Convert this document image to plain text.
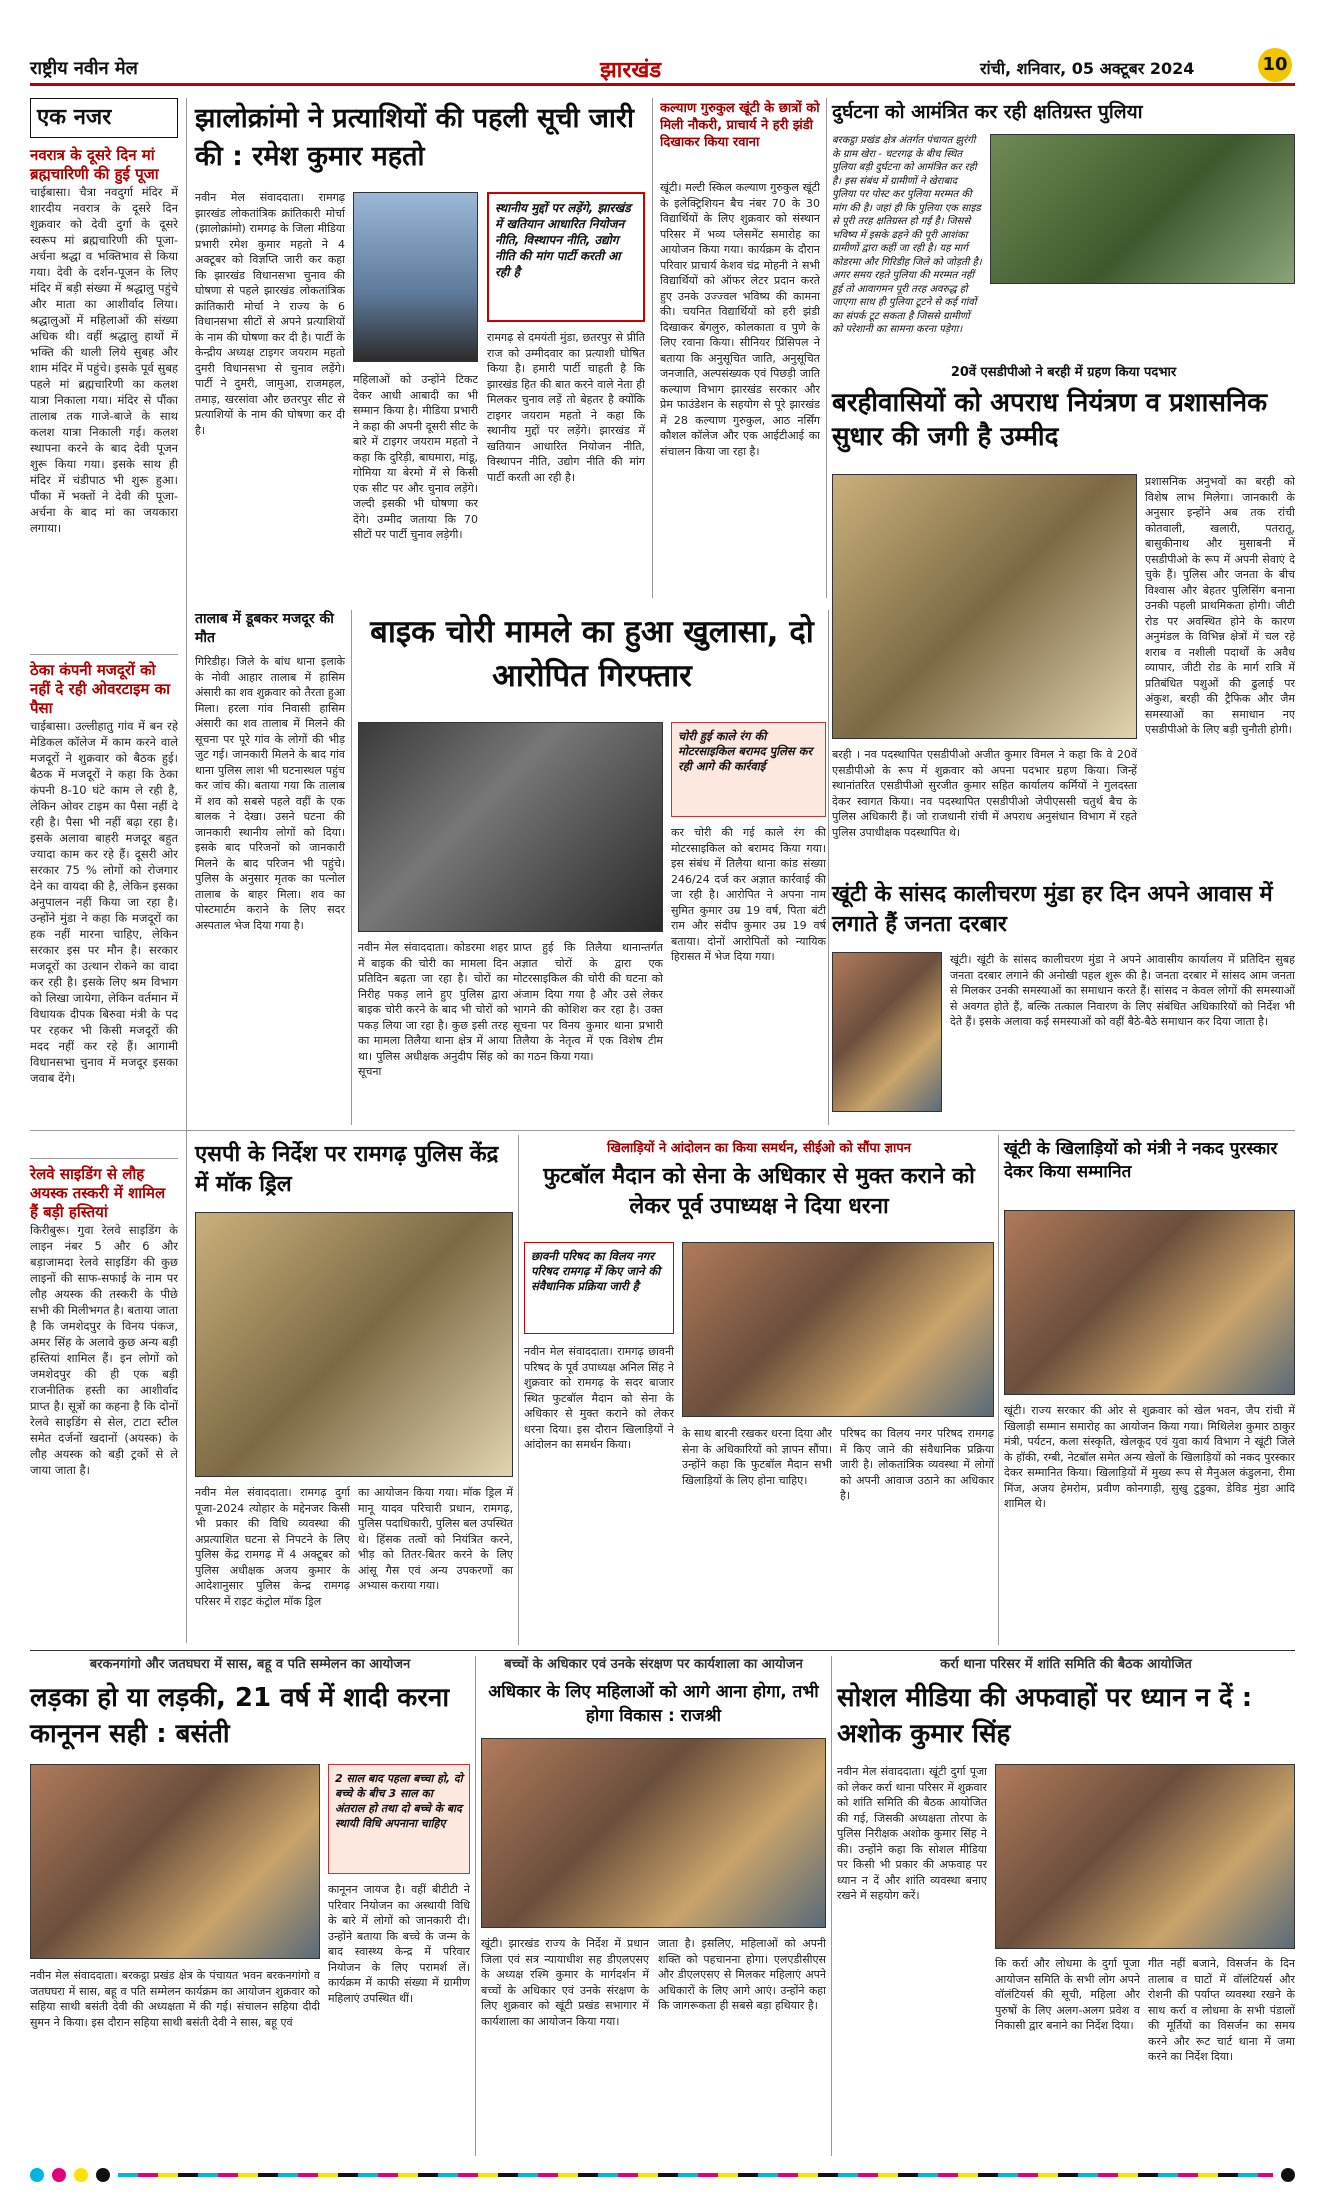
राष्ट्रीय नवीन मेल	झारखंड	रांची, शनिवार, 05 अक्टूबर 2024	10
एक नजर
नवरात्र के दूसरे दिन मां ब्रह्मचारिणी की हुई पूजा
चाईबासा। चैत्रा नवदुर्गा मंदिर में शारदीय नवरात्र के दूसरे दिन शुक्रवार को देवी दुर्गा के दूसरे स्वरूप मां ब्रह्मचारिणी की पूजा-अर्चना श्रद्धा व भक्तिभाव से किया गया। देवी के दर्शन-पूजन के लिए मंदिर में बड़ी संख्या में श्रद्धालु पहुंचे और माता का आशीर्वाद लिया। श्रद्धालुओं में महिलाओं की संख्या अधिक थी। वहीं श्रद्धालु हाथों में भक्ति की थाली लिये सुबह और शाम मंदिर में पहुंचे। इसके पूर्व सुबह पहले मां ब्रह्मचारिणी का कलश यात्रा निकाला गया। मंदिर से पौंका तालाब तक गाजे-बाजे के साथ कलश यात्रा निकाली गई। कलश स्थापना करने के बाद देवी पूजन शुरू किया गया। इसके साथ ही मंदिर में चंडीपाठ भी शुरू हुआ। पौंका में भक्तों ने देवी की पूजा-अर्चना के बाद मां का जयकारा लगाया।
ठेका कंपनी मजदूरों को नहीं दे रही ओवरटाइम का पैसा
चाईबासा। उल्लीहातु गांव में बन रहे मेडिकल कॉलेज में काम करने वाले मजदूरों ने शुक्रवार को बैठक हुई। बैठक में मजदूरों ने कहा कि ठेका कंपनी 8-10 घंटे काम ले रही है, लेकिन ओवर टाइम का पैसा नहीं दे रही है। पैसा भी नहीं बढ़ा रहा है। इसके अलावा बाहरी मजदूर बहुत ज्यादा काम कर रहे हैं। दूसरी ओर सरकार 75 % लोगों को रोजगार देने का वायदा की है, लेकिन इसका अनुपालन नहीं किया जा रहा है। उन्होंने मुंडा ने कहा कि मजदूरों का हक नहीं मारना चाहिए, लेकिन सरकार इस पर मौन है। सरकार मजदूरों का उत्थान रोकने का वादा कर रही है। इसके लिए श्रम विभाग को लिखा जायेगा, लेकिन वर्तमान में विधायक दीपक बिरुवा मंत्री के पद पर रहकर भी किसी मजदूरों की मदद नहीं कर रहे हैं। आगामी विधानसभा चुनाव में मजदूर इसका जवाब देंगे।
रेलवे साइडिंग से लौह अयस्क तस्करी में शामिल हैं बड़ी हस्तियां
किरीबुरू। गुवा रेलवे साइडिंग के लाइन नंबर 5 और 6 और बड़ाजामदा रेलवे साइडिंग की कुछ लाइनों की साफ-सफाई के नाम पर लौह अयस्क की तस्करी के पीछे सभी की मिलीभगत है। बताया जाता है कि जमशेदपुर के विनय पंकज, अमर सिंह के अलावे कुछ अन्य बड़ी हस्तियां शामिल हैं। इन लोगों को जमशेदपुर की ही एक बड़ी राजनीतिक हस्ती का आशीर्वाद प्राप्त है। सूत्रों का कहना है कि दोनों रेलवे साइडिंग से सेल, टाटा स्टील समेत दर्जनों खदानों (अयस्क) के लौह अयस्क को बड़ी ट्रकों से ले जाया जाता है।
झालोक्रांमो ने प्रत्याशियों की पहली सूची जारी की : रमेश कुमार महतो
नवीन मेल संवाददाता। रामगढ़ झारखंड लोकतांत्रिक क्रांतिकारी मोर्चा (झालोक्रांमो) रामगढ़ के जिला मीडिया प्रभारी रमेश कुमार महतो ने 4 अक्टूबर को विज्ञप्ति जारी कर कहा कि झारखंड विधानसभा चुनाव की घोषणा से पहले झारखंड लोकतांत्रिक क्रांतिकारी मोर्चा ने राज्य के 6 विधानसभा सीटों से अपने प्रत्याशियों के नाम की घोषणा कर दी है। पार्टी के केन्द्रीय अध्यक्ष टाइगर जयराम महतो दुमरी विधानसभा से चुनाव लड़ेंगे। पार्टी ने दुमरी, जामुआ, राजमहल, तमाड़, खरसांवा और छतरपुर सीट से प्रत्याशियों के नाम की घोषणा कर दी है।
महिलाओं को उन्होंने टिकट देकर आधी आबादी का भी सम्मान किया है। मीडिया प्रभारी ने कहा की अपनी दूसरी सीट के बारे में टाइगर जयराम महतो ने कहा कि दुरिड़ी, बाघमारा, मांडू, गोमिया या बेरमो में से किसी एक सीट पर और चुनाव लड़ेंगे। जल्दी इसकी भी घोषणा कर देंगे। उम्मीद जताया कि 70 सीटों पर पार्टी चुनाव लड़ेगी।
स्थानीय मुद्दों पर लड़ेंगे, झारखंड में खतियान आधारित नियोजन नीति, विस्थापन नीति, उद्योग नीति की मांग पार्टी करती आ रही है
रामगढ़ से दमयंती मुंडा, छतरपुर से प्रीति राज को उम्मीदवार का प्रत्याशी घोषित किया है। हमारी पार्टी चाहती है कि झारखंड हित की बात करने वाले नेता ही मिलकर चुनाव लड़ें तो बेहतर है क्योंकि टाइगर जयराम महतो ने कहा कि स्थानीय मुद्दों पर लड़ेंगे। झारखंड में खतियान आधारित नियोजन नीति, विस्थापन नीति, उद्योग नीति की मांग पार्टी करती आ रही है।
कल्याण गुरुकुल खूंटी के छात्रों को मिली नौकरी, प्राचार्य ने हरी झंडी दिखाकर किया रवाना
खूंटी। मल्टी स्किल कल्याण गुरुकुल खूंटी के इलेक्ट्रिशियन बैच नंबर 70 के 30 विद्यार्थियों के लिए शुक्रवार को संस्थान परिसर में भव्य प्लेसमेंट समारोह का आयोजन किया गया। कार्यक्रम के दौरान परिवार प्राचार्य केशव चंद्र मोहनी ने सभी विद्यार्थियों को ऑफर लेटर प्रदान करते हुए उनके उज्ज्वल भविष्य की कामना की। चयनित विद्यार्थियों को हरी झंडी दिखाकर बेंगलुरु, कोलकाता व पुणे के लिए रवाना किया। सीनियर प्रिंसिपल ने बताया कि अनुसूचित जाति, अनुसूचित जनजाति, अल्पसंख्यक एवं पिछड़ी जाति कल्याण विभाग झारखंड सरकार और प्रेम फाउंडेशन के सहयोग से पूरे झारखंड में 28 कल्याण गुरुकुल, आठ नर्सिंग कौशल कॉलेज और एक आईटीआई का संचालन किया जा रहा है।
दुर्घटना को आमंत्रित कर रही क्षतिग्रस्त पुलिया
बरकट्ठा प्रखंड क्षेत्र अंतर्गत पंचायत झुरंगी के ग्राम खेरा - चटरगढ़ के बीच स्थित पुलिया बड़ी दुर्घटना को आमंत्रित कर रही है। इस संबंध में ग्रामीणों ने खेराबाद पुलिया पर पोस्ट कर पुलिया मरम्मत की मांग की है। जहां ही कि पुलिया एक साइड से पूरी तरह क्षतिग्रस्त हो गई है। जिससे भविष्य में इसके ढहने की पूरी आशंका ग्रामीणों द्वारा कहीं जा रही है। यह मार्ग कोडरमा और गिरिडीह जिले को जोड़ती है। अगर समय रहते पुलिया की मरम्मत नहीं हुई तो आवागमन पूरी तरह अवरुद्ध हो जाएगा साथ ही पुलिया टूटने से कई गांवों का संपर्क टूट सकता है जिससे ग्रामीणों को परेशानी का सामना करना पड़ेगा।
20वें एसडीपीओ ने बरही में ग्रहण किया पदभार
बरहीवासियों को अपराध नियंत्रण व प्रशासनिक सुधार की जगी है उम्मीद
प्रशासनिक अनुभवों का बरही को विशेष लाभ मिलेगा। जानकारी के अनुसार इन्होंने अब तक रांची कोतवाली, खलारी, पतरातू, बासुकीनाथ और मुसाबनी में एसडीपीओ के रूप में अपनी सेवाएं दे चुके हैं। पुलिस और जनता के बीच विश्वास और बेहतर पुलिसिंग बनाना उनकी पहली प्राथमिकता होगी। जीटी रोड पर अवस्थित होने के कारण अनुमंडल के विभिन्न क्षेत्रों में चल रहे शराब व नशीली पदार्थों के अवैध व्यापार, जीटी रोड के मार्ग रात्रि में प्रतिबंधित पशुओं की ढुलाई पर अंकुश, बरही की ट्रैफिक और जैम समस्याओं का समाधान नए एसडीपीओ के लिए बड़ी चुनौती होगी।
बरही । नव पदस्थापित एसडीपीओ अजीत कुमार विमल ने कहा कि वे 20वें एसडीपीओ के रूप में शुक्रवार को अपना पदभार ग्रहण किया। जिन्हें स्थानांतरित एसडीपीओ सुरजीत कुमार सहित कार्यालय कर्मियों ने गुलदस्ता देकर स्वागत किया। नव पदस्थापित एसडीपीओ जेपीएससी चतुर्थ बैच के पुलिस अधिकारी हैं। जो राजधानी रांची में अपराध अनुसंधान विभाग में रहते पुलिस उपाधीक्षक पदस्थापित थे।
तालाब में डूबकर मजदूर की मौत
गिरिडीह। जिले के बांध थाना इलाके के नोवी आहार तालाब में हासिम अंसारी का शव शुक्रवार को तैरता हुआ मिला। हरला गांव निवासी हासिम अंसारी का शव तालाब में मिलने की सूचना पर पूरे गांव के लोगों की भीड़ जुट गई। जानकारी मिलने के बाद गांव थाना पुलिस लाश भी घटनास्थल पहुंच कर जांच की। बताया गया कि तालाब में शव को सबसे पहले वहीं के एक बालक ने देखा। उसने घटना की जानकारी स्थानीय लोगों को दिया। इसके बाद परिजनों को जानकारी मिलने के बाद परिजन भी पहुंचे। पुलिस के अनुसार मृतक का पत्नोल तालाब के बाहर मिला। शव का पोस्टमार्टम कराने के लिए सदर अस्पताल भेज दिया गया है।
बाइक चोरी मामले का हुआ खुलासा, दो आरोपित गिरफ्तार
चोरी हुई काले रंग की मोटरसाइकिल बरामद पुलिस कर रही आगे की कार्रवाई
कर चोरी की गई काले रंग की मोटरसाइकिल को बरामद किया गया। इस संबंध में तिलैया थाना कांड संख्या 246/24 दर्ज कर अज्ञात कार्रवाई की जा रही है। आरोपित ने अपना नाम सुमित कुमार उम्र 19 वर्ष, पिता बंटी राम और संदीप कुमार उम्र 19 वर्ष बताया। दोनों आरोपितों को न्यायिक हिरासत में भेज दिया गया।
नवीन मेल संवाददाता। कोडरमा शहर में बाइक की चोरी का मामला दिन प्रतिदिन बढ़ता जा रहा है। चोरों का निरीह पकड़ लाने हुए पुलिस द्वारा बाइक चोरी करने के बाद भी चोरों को पकड़ लिया जा रहा है। कुछ इसी तरह का मामला तिलैया थाना क्षेत्र में आया था। पुलिस अधीक्षक अनुदीप सिंह को सूचना
प्राप्त हुई कि तिलैया थानान्तर्गत अज्ञात चोरों के द्वारा एक मोटरसाइकिल की चोरी की घटना को अंजाम दिया गया है और उसे लेकर भागने की कोशिश कर रहा है। उक्त सूचना पर विनय कुमार थाना प्रभारी तिलैया के नेतृत्व में एक विशेष टीम का गठन किया गया।
खूंटी के सांसद कालीचरण मुंडा हर दिन अपने आवास में लगाते हैं जनता दरबार
खूंटी। खूंटी के सांसद कालीचरण मुंडा ने अपने आवासीय कार्यालय में प्रतिदिन सुबह जनता दरबार लगाने की अनोखी पहल शुरू की है। जनता दरबार में सांसद आम जनता से मिलकर उनकी समस्याओं का समाधान करते हैं। सांसद न केवल लोगों की समस्याओं से अवगत होते हैं, बल्कि तत्काल निवारण के लिए संबंधित अधिकारियों को निर्देश भी देते हैं। इसके अलावा कई समस्याओं को वहीं बैठे-बैठे समाधान कर दिया जाता है।
एसपी के निर्देश पर रामगढ़ पुलिस केंद्र में मॉक ड्रिल
नवीन मेल संवाददाता। रामगढ़ दुर्गा पूजा-2024 त्योहार के मद्देनजर किसी भी प्रकार की विधि व्यवस्था की अप्रत्याशित घटना से निपटने के लिए पुलिस केंद्र रामगढ़ में 4 अक्टूबर को पुलिस अधीक्षक अजय कुमार के आदेशानुसार पुलिस केन्द्र रामगढ़ परिसर में राइट कंट्रोल मॉक ड्रिल
का आयोजन किया गया। मॉक ड्रिल में मानू यादव परिचारी प्रधान, रामगढ़, पुलिस पदाधिकारी, पुलिस बल उपस्थित थे। हिंसक तत्वों को नियंत्रित करने, भीड़ को तितर-बितर करने के लिए आंसू गैस एवं अन्य उपकरणों का अभ्यास कराया गया।
खिलाड़ियों ने आंदोलन का किया समर्थन, सीईओ को सौंपा ज्ञापन
फुटबॉल मैदान को सेना के अधिकार से मुक्त कराने को लेकर पूर्व उपाध्यक्ष ने दिया धरना
छावनी परिषद का विलय नगर परिषद रामगढ़ में किए जाने की संवैधानिक प्रक्रिया जारी है
नवीन मेल संवाददाता। रामगढ़ छावनी परिषद के पूर्व उपाध्यक्ष अनिल सिंह ने शुक्रवार को रामगढ़ के सदर बाजार स्थित फुटबॉल मैदान को सेना के अधिकार से मुक्त कराने को लेकर धरना दिया। इस दौरान खिलाड़ियों ने आंदोलन का समर्थन किया।
के साथ बारनी रखकर धरना दिया और सेना के अधिकारियों को ज्ञापन सौंपा। उन्होंने कहा कि फुटबॉल मैदान सभी खिलाड़ियों के लिए होना चाहिए।
परिषद का विलय नगर परिषद रामगढ़ में किए जाने की संवैधानिक प्रक्रिया जारी है। लोकतांत्रिक व्यवस्था में लोगों को अपनी आवाज उठाने का अधिकार है।
खूंटी के खिलाड़ियों को मंत्री ने नकद पुरस्कार देकर किया सम्मानित
खूंटी। राज्य सरकार की ओर से शुक्रवार को खेल भवन, जैप रांची में खिलाड़ी सम्मान समारोह का आयोजन किया गया। मिथिलेश कुमार ठाकुर मंत्री, पर्यटन, कला संस्कृति, खेलकूद एवं युवा कार्य विभाग ने खूंटी जिले के हॉकी, रग्बी, नेटबॉल समेत अन्य खेलों के खिलाड़ियों को नकद पुरस्कार देकर सम्मानित किया। खिलाड़ियों में मुख्य रूप से मैनुअल कंडुलना, रीमा मिंज, अजय हेमरोम, प्रवीण कोनगाड़ी, सुखु टुडुका, डेविड मुंडा आदि शामिल थे।
बरकनगांगो और जतघघरा में सास, बहू व पति सम्मेलन का आयोजन
लड़का हो या लड़की, 21 वर्ष में शादी करना कानूनन सही : बसंती
2 साल बाद पहला बच्चा हो, दो बच्चे के बीच 3 साल का अंतराल हो तथा दो बच्चे के बाद स्थायी विधि अपनाना चाहिए
नवीन मेल संवाददाता। बरकट्ठा प्रखंड क्षेत्र के पंचायत भवन बरकनगांगो व जतघघरा में सास, बहू व पति सम्मेलन कार्यक्रम का आयोजन शुक्रवार को सहिया साथी बसंती देवी की अध्यक्षता में की गई। संचालन सहिया दीदी सुमन ने किया। इस दौरान सहिया साथी बसंती देवी ने सास, बहू एवं
कानूनन जायज है। वहीं बीटीटी ने परिवार नियोजन का अस्थायी विधि के बारे में लोगों को जानकारी दी। उन्होंने बताया कि बच्चे के जन्म के बाद स्वास्थ्य केन्द्र में परिवार नियोजन के लिए परामर्श लें। कार्यक्रम में काफी संख्या में ग्रामीण महिलाएं उपस्थित थीं।
बच्चों के अधिकार एवं उनके संरक्षण पर कार्यशाला का आयोजन
अधिकार के लिए महिलाओं को आगे आना होगा, तभी होगा विकास : राजश्री
खूंटी। झारखंड राज्य के निर्देश में प्रधान जिला एवं सत्र न्यायाधीश सह डीएलएसए के अध्यक्ष रश्मि कुमार के मार्गदर्शन में बच्चों के अधिकार एवं उनके संरक्षण के लिए शुक्रवार को खूंटी प्रखंड सभागार में कार्यशाला का आयोजन किया गया।
जाता है। इसलिए, महिलाओं को अपनी शक्ति को पहचानना होगा। एलएडीसीएस और डीएलएसए से मिलकर महिलाएं अपने अधिकारों के लिए आगे आएं। उन्होंने कहा कि जागरूकता ही सबसे बड़ा हथियार है।
कर्रा थाना परिसर में शांति समिति की बैठक आयोजित
सोशल मीडिया की अफवाहों पर ध्यान न दें : अशोक कुमार सिंह
नवीन मेल संवाददाता। खूंटी दुर्गा पूजा को लेकर कर्रा थाना परिसर में शुक्रवार को शांति समिति की बैठक आयोजित की गई, जिसकी अध्यक्षता तोरपा के पुलिस निरीक्षक अशोक कुमार सिंह ने की। उन्होंने कहा कि सोशल मीडिया पर किसी भी प्रकार की अफवाह पर ध्यान न दें और शांति व्यवस्था बनाए रखने में सहयोग करें।
कि कर्रा और लोधमा के दुर्गा पूजा आयोजन समिति के सभी लोग अपने वॉलंटियर्स की सूची, महिला और पुरुषों के लिए अलग-अलग प्रवेश व निकासी द्वार बनाने का निर्देश दिया।
गीत नहीं बजाने, विसर्जन के दिन तालाब व घाटों में वॉलंटियर्स और रोशनी की पर्याप्त व्यवस्था रखने के साथ कर्रा व लोधमा के सभी पंडालों की मूर्तियों का विसर्जन का समय करने और रूट चार्ट थाना में जमा करने का निर्देश दिया।
